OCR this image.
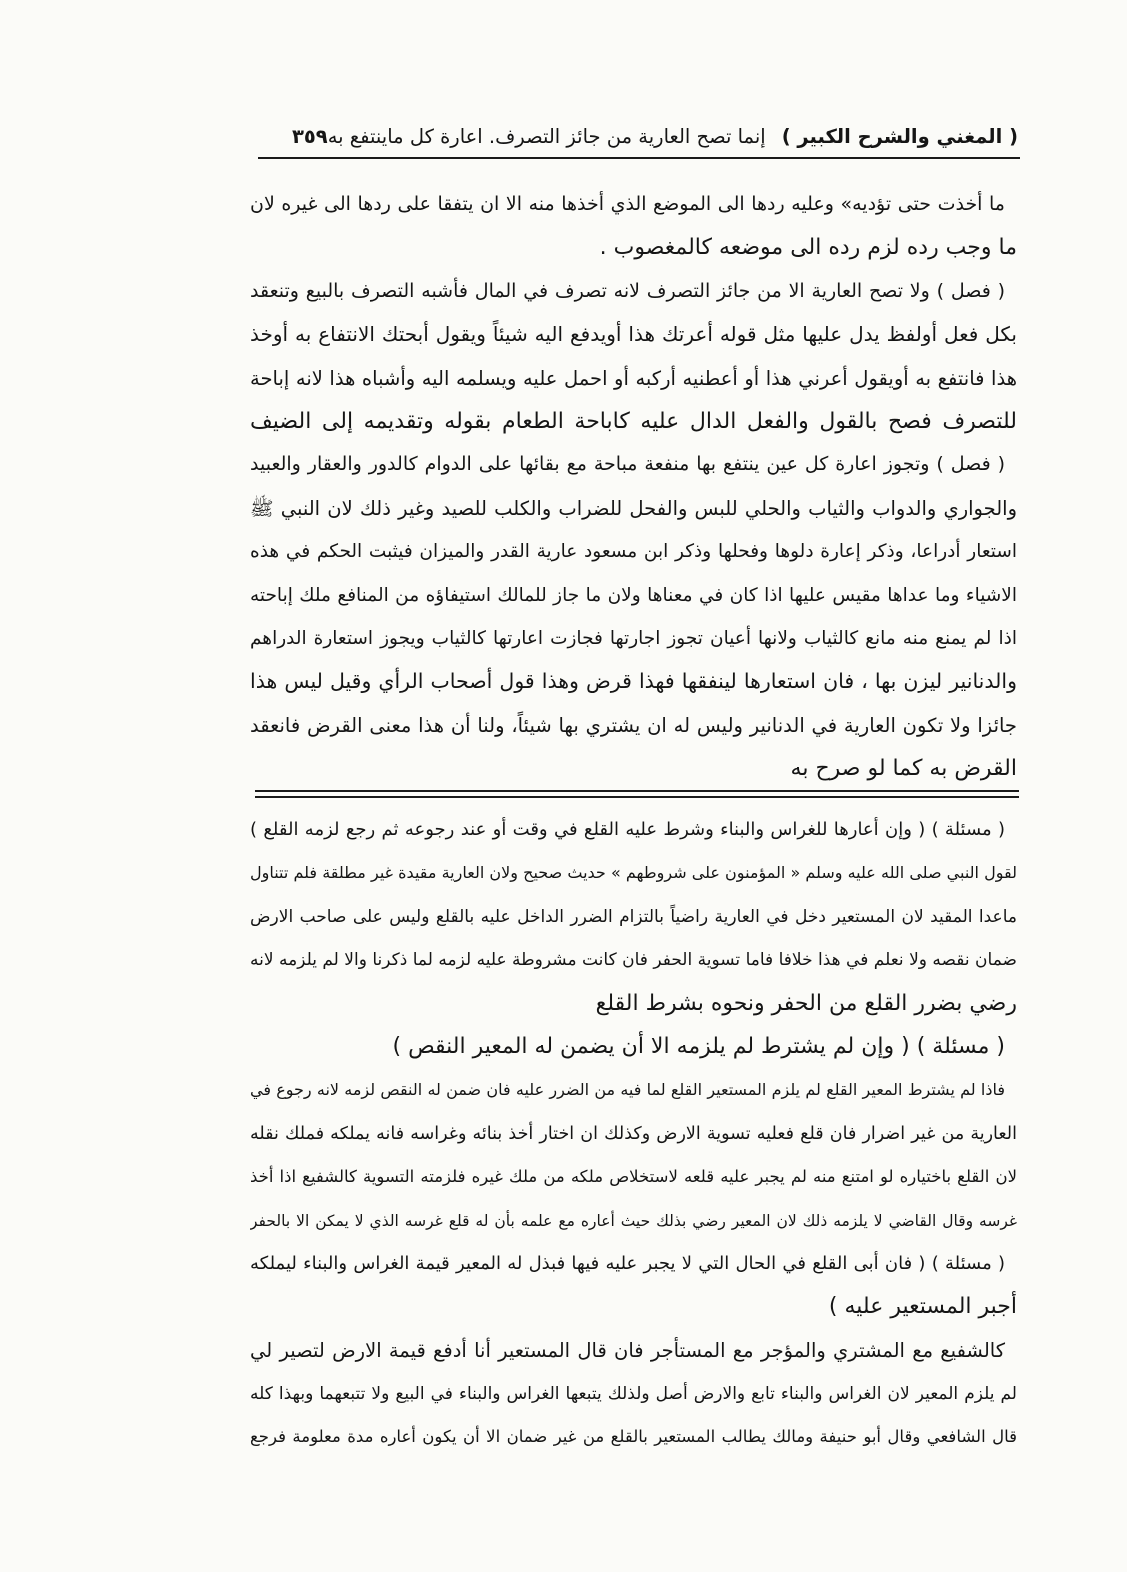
( المغني والشرح الكبير )
إنما تصح العارية من جائز التصرف. اعارة كل ماينتفع به
٣٥٩
ما أخذت حتى تؤديه» وعليه ردها الى الموضع الذي أخذها منه الا ان يتفقا على ردها الى غيره لان
ما وجب رده لزم رده الى موضعه كالمغصوب .
( فصل ) ولا تصح العارية الا من جائز التصرف لانه تصرف في المال فأشبه التصرف بالبيع وتنعقد
بكل فعل أولفظ يدل عليها مثل قوله أعرتك هذا أويدفع اليه شيئاً ويقول أبحتك الانتفاع به أوخذ
هذا فانتفع به أويقول أعرني هذا أو أعطنيه أركبه أو احمل عليه ويسلمه اليه وأشباه هذا لانه إباحة
للتصرف فصح بالقول والفعل الدال عليه كاباحة الطعام بقوله وتقديمه إلى الضيف
( فصل ) وتجوز اعارة كل عين ينتفع بها منفعة مباحة مع بقائها على الدوام كالدور والعقار والعبيد
والجواري والدواب والثياب والحلي للبس والفحل للضراب والكلب للصيد وغير ذلك لان النبي ﷺ
استعار أدراعا، وذكر إعارة دلوها وفحلها وذكر ابن مسعود عارية القدر والميزان فيثبت الحكم في هذه
الاشياء وما عداها مقيس عليها اذا كان في معناها ولان ما جاز للمالك استيفاؤه من المنافع ملك إباحته
اذا لم يمنع منه مانع كالثياب ولانها أعيان تجوز اجارتها فجازت اعارتها كالثياب ويجوز استعارة الدراهم
والدنانير ليزن بها ، فان استعارها لينفقها فهذا قرض وهذا قول أصحاب الرأي وقيل ليس هذا
جائزا ولا تكون العارية في الدنانير وليس له ان يشتري بها شيئاً، ولنا أن هذا معنى القرض فانعقد
القرض به كما لو صرح به
( مسئلة ) ( وإن أعارها للغراس والبناء وشرط عليه القلع في وقت أو عند رجوعه ثم رجع لزمه القلع )
لقول النبي صلى الله عليه وسلم « المؤمنون على شروطهم » حديث صحيح ولان العارية مقيدة غير مطلقة فلم تتناول
ماعدا المقيد لان المستعير دخل في العارية راضياً بالتزام الضرر الداخل عليه بالقلع وليس على صاحب الارض
ضمان نقصه ولا نعلم في هذا خلافا فاما تسوية الحفر فان كانت مشروطة عليه لزمه لما ذكرنا والا لم يلزمه لانه
رضي بضرر القلع من الحفر ونحوه بشرط القلع
( مسئلة ) ( وإن لم يشترط لم يلزمه الا أن يضمن له المعير النقص )
فاذا لم يشترط المعير القلع لم يلزم المستعير القلع لما فيه من الضرر عليه فان ضمن له النقص لزمه لانه رجوع في
العارية من غير اضرار فان قلع فعليه تسوية الارض وكذلك ان اختار أخذ بنائه وغراسه فانه يملكه فملك نقله
لان القلع باختياره لو امتنع منه لم يجبر عليه قلعه لاستخلاص ملكه من ملك غيره فلزمته التسوية كالشفيع اذا أخذ
غرسه وقال القاضي لا يلزمه ذلك لان المعير رضي بذلك حيث أعاره مع علمه بأن له قلع غرسه الذي لا يمكن الا بالحفر
( مسئلة ) ( فان أبى القلع في الحال التي لا يجبر عليه فيها فبذل له المعير قيمة الغراس والبناء ليملكه
أجبر المستعير عليه )
كالشفيع مع المشتري والمؤجر مع المستأجر فان قال المستعير أنا أدفع قيمة الارض لتصير لي
لم يلزم المعير لان الغراس والبناء تابع والارض أصل ولذلك يتبعها الغراس والبناء في البيع ولا تتبعهما وبهذا كله
قال الشافعي وقال أبو حنيفة ومالك يطالب المستعير بالقلع من غير ضمان الا أن يكون أعاره مدة معلومة فرجع
